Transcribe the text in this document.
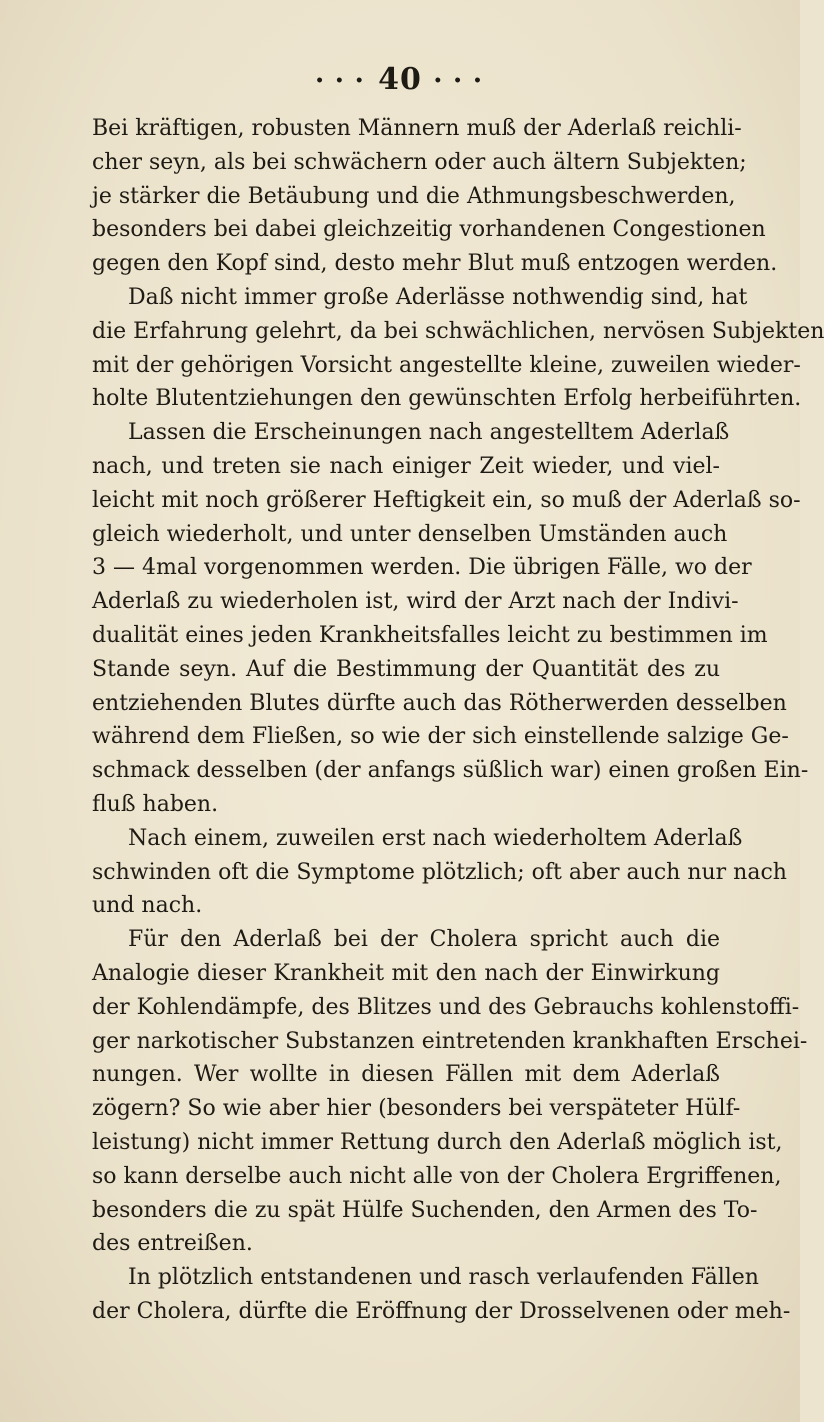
• • • 40 • • •
Bei kräftigen, robusten Männern muß der Aderlaß reichli-
cher seyn, als bei schwächern oder auch ältern Subjekten;
je stärker die Betäubung und die Athmungsbeschwerden,
besonders bei dabei gleichzeitig vorhandenen Congestionen
gegen den Kopf sind, desto mehr Blut muß entzogen werden.
Daß nicht immer große Aderlässe nothwendig sind, hat
die Erfahrung gelehrt, da bei schwächlichen, nervösen Subjekten
mit der gehörigen Vorsicht angestellte kleine, zuweilen wieder-
holte Blutentziehungen den gewünschten Erfolg herbeiführten.
Lassen die Erscheinungen nach angestelltem Aderlaß
nach, und treten sie nach einiger Zeit wieder, und viel-
leicht mit noch größerer Heftigkeit ein, so muß der Aderlaß so-
gleich wiederholt, und unter denselben Umständen auch
3 — 4mal vorgenommen werden. Die übrigen Fälle, wo der
Aderlaß zu wiederholen ist, wird der Arzt nach der Indivi-
dualität eines jeden Krankheitsfalles leicht zu bestimmen im
Stande seyn. Auf die Bestimmung der Quantität des zu
entziehenden Blutes dürfte auch das Rötherwerden desselben
während dem Fließen, so wie der sich einstellende salzige Ge-
schmack desselben (der anfangs süßlich war) einen großen Ein-
fluß haben.
Nach einem, zuweilen erst nach wiederholtem Aderlaß
schwinden oft die Symptome plötzlich; oft aber auch nur nach
und nach.
Für den Aderlaß bei der Cholera spricht auch die
Analogie dieser Krankheit mit den nach der Einwirkung
der Kohlendämpfe, des Blitzes und des Gebrauchs kohlenstoffi-
ger narkotischer Substanzen eintretenden krankhaften Erschei-
nungen. Wer wollte in diesen Fällen mit dem Aderlaß
zögern? So wie aber hier (besonders bei verspäteter Hülf-
leistung) nicht immer Rettung durch den Aderlaß möglich ist,
so kann derselbe auch nicht alle von der Cholera Ergriffenen,
besonders die zu spät Hülfe Suchenden, den Armen des To-
des entreißen.
In plötzlich entstandenen und rasch verlaufenden Fällen
der Cholera, dürfte die Eröffnung der Drosselvenen oder meh-
